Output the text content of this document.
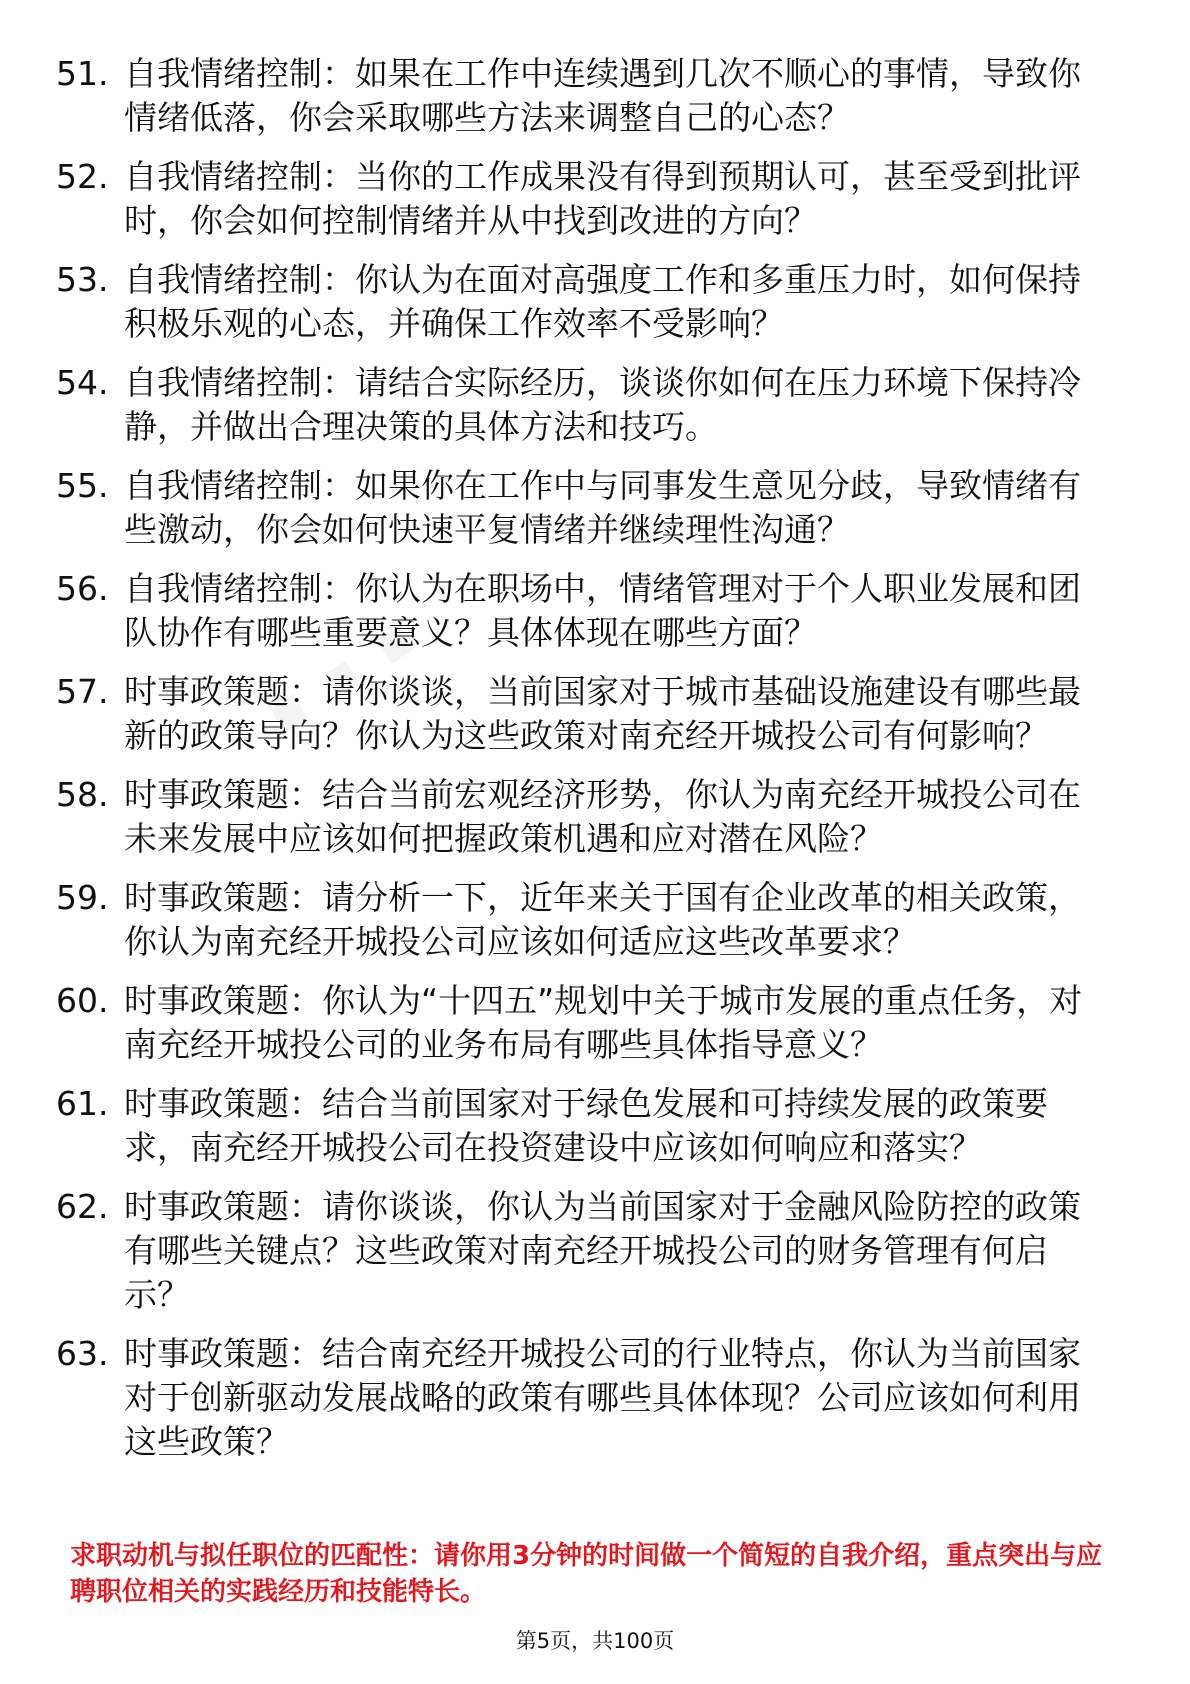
51. 自我情绪控制：如果在工作中连续遇到几次不顺心的事情，导致你情绪低落，你会采取哪些方法来调整自己的心态？
52. 自我情绪控制：当你的工作成果没有得到预期认可，甚至受到批评时，你会如何控制情绪并从中找到改进的方向？
53. 自我情绪控制：你认为在面对高强度工作和多重压力时，如何保持积极乐观的心态，并确保工作效率不受影响？
54. 自我情绪控制：请结合实际经历，谈谈你如何在压力环境下保持冷静，并做出合理决策的具体方法和技巧。
55. 自我情绪控制：如果你在工作中与同事发生意见分歧，导致情绪有些激动，你会如何快速平复情绪并继续理性沟通？
56. 自我情绪控制：你认为在职场中，情绪管理对于个人职业发展和团队协作有哪些重要意义？具体体现在哪些方面？
57. 时事政策题：请你谈谈，当前国家对于城市基础设施建设有哪些最新的政策导向？你认为这些政策对南充经开城投公司有何影响？
58. 时事政策题：结合当前宏观经济形势，你认为南充经开城投公司在未来发展中应该如何把握政策机遇和应对潜在风险？
59. 时事政策题：请分析一下，近年来关于国有企业改革的相关政策，你认为南充经开城投公司应该如何适应这些改革要求？
60. 时事政策题：你认为“十四五”规划中关于城市发展的重点任务，对南充经开城投公司的业务布局有哪些具体指导意义？
61. 时事政策题：结合当前国家对于绿色发展和可持续发展的政策要求，南充经开城投公司在投资建设中应该如何响应和落实？
62. 时事政策题：请你谈谈，你认为当前国家对于金融风险防控的政策有哪些关键点？这些政策对南充经开城投公司的财务管理有何启示？
63. 时事政策题：结合南充经开城投公司的行业特点，你认为当前国家对于创新驱动发展战略的政策有哪些具体体现？公司应该如何利用这些政策？
求职动机与拟任职位的匹配性：请你用3分钟的时间做一个简短的自我介绍，重点突出与应聘职位相关的实践经历和技能特长。
第5页，共100页
